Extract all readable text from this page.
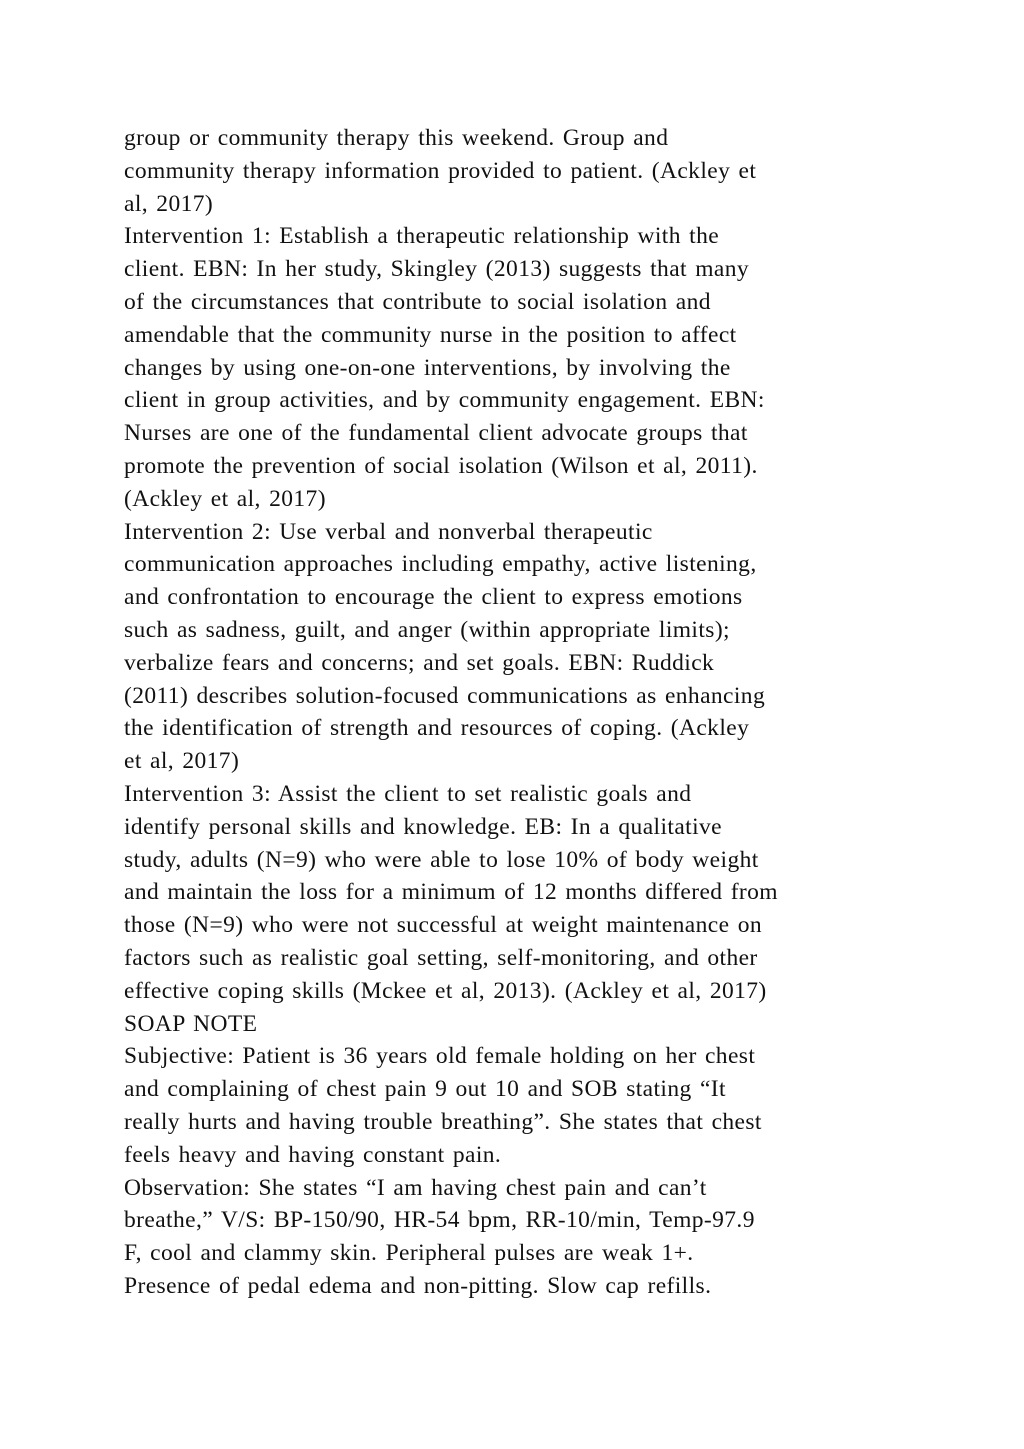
group or community therapy this weekend. Group and
community therapy information provided to patient. (Ackley et
al, 2017)
Intervention 1: Establish a therapeutic relationship with the
client. EBN: In her study, Skingley (2013) suggests that many
of the circumstances that contribute to social isolation and
amendable that the community nurse in the position to affect
changes by using one-on-one interventions, by involving the
client in group activities, and by community engagement. EBN:
Nurses are one of the fundamental client advocate groups that
promote the prevention of social isolation (Wilson et al, 2011).
(Ackley et al, 2017)
Intervention 2: Use verbal and nonverbal therapeutic
communication approaches including empathy, active listening,
and confrontation to encourage the client to express emotions
such as sadness, guilt, and anger (within appropriate limits);
verbalize fears and concerns; and set goals. EBN: Ruddick
(2011) describes solution-focused communications as enhancing
the identification of strength and resources of coping. (Ackley
et al, 2017)
Intervention 3: Assist the client to set realistic goals and
identify personal skills and knowledge. EB: In a qualitative
study, adults (N=9) who were able to lose 10% of body weight
and maintain the loss for a minimum of 12 months differed from
those (N=9) who were not successful at weight maintenance on
factors such as realistic goal setting, self-monitoring, and other
effective coping skills (Mckee et al, 2013). (Ackley et al, 2017)
SOAP NOTE
Subjective: Patient is 36 years old female holding on her chest
and complaining of chest pain 9 out 10 and SOB stating “It
really hurts and having trouble breathing”. She states that chest
feels heavy and having constant pain.
Observation: She states “I am having chest pain and can’t
breathe,” V/S: BP-150/90, HR-54 bpm, RR-10/min, Temp-97.9
F, cool and clammy skin. Peripheral pulses are weak 1+.
Presence of pedal edema and non-pitting. Slow cap refills.
